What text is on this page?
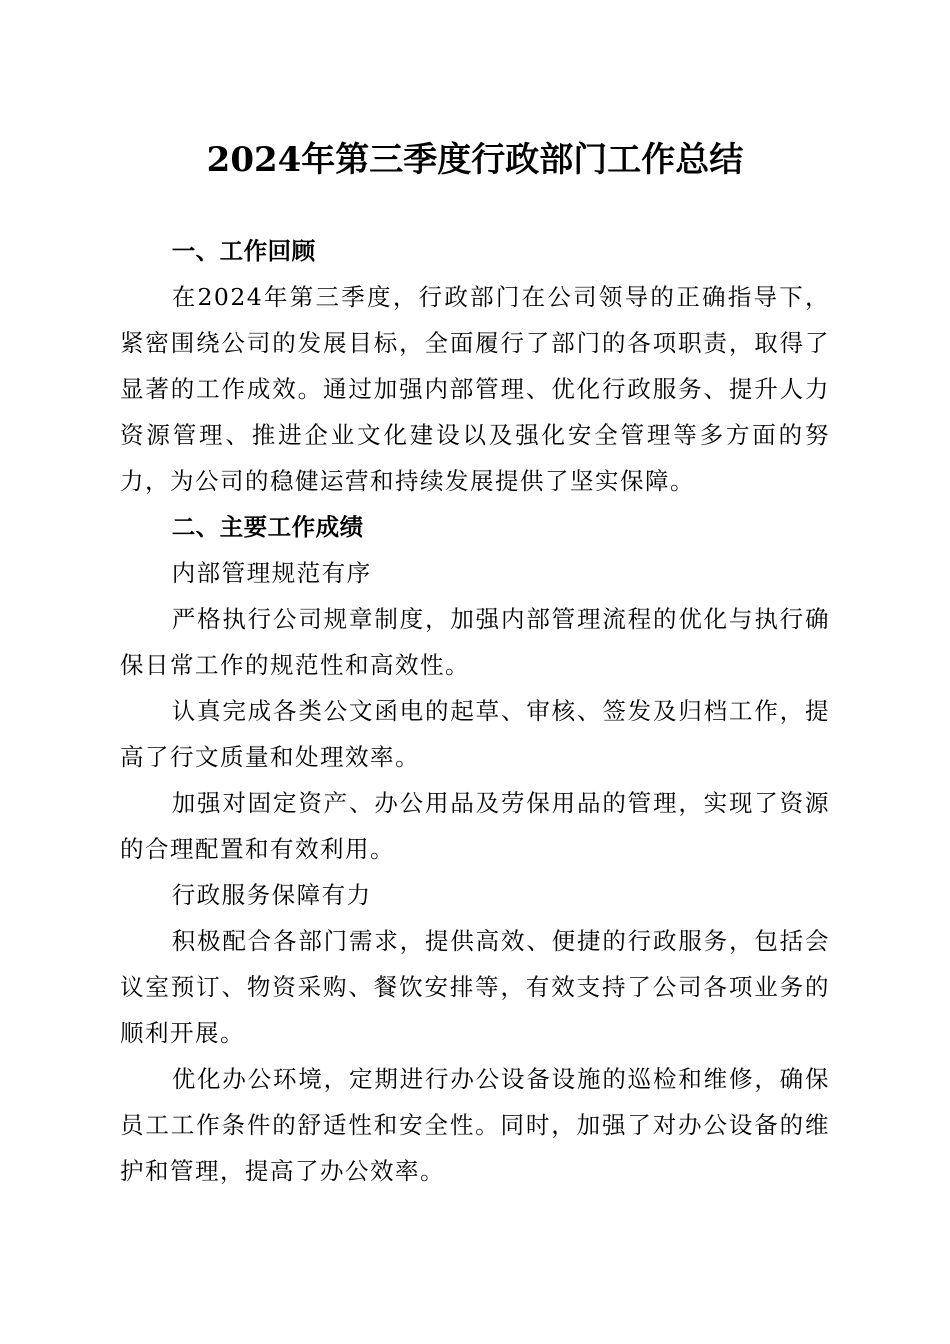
2024年第三季度行政部门工作总结

一、工作回顾

在2024年第三季度，行政部门在公司领导的正确指导下，紧密围绕公司的发展目标，全面履行了部门的各项职责，取得了显著的工作成效。通过加强内部管理、优化行政服务、提升人力资源管理、推进企业文化建设以及强化安全管理等多方面的努力，为公司的稳健运营和持续发展提供了坚实保障。

二、主要工作成绩

内部管理规范有序

严格执行公司规章制度，加强内部管理流程的优化与执行确保日常工作的规范性和高效性。

认真完成各类公文函电的起草、审核、签发及归档工作，提高了行文质量和处理效率。

加强对固定资产、办公用品及劳保用品的管理，实现了资源的合理配置和有效利用。

行政服务保障有力

积极配合各部门需求，提供高效、便捷的行政服务，包括会议室预订、物资采购、餐饮安排等，有效支持了公司各项业务的顺利开展。

优化办公环境，定期进行办公设备设施的巡检和维修，确保员工工作条件的舒适性和安全性。同时，加强了对办公设备的维护和管理，提高了办公效率。
